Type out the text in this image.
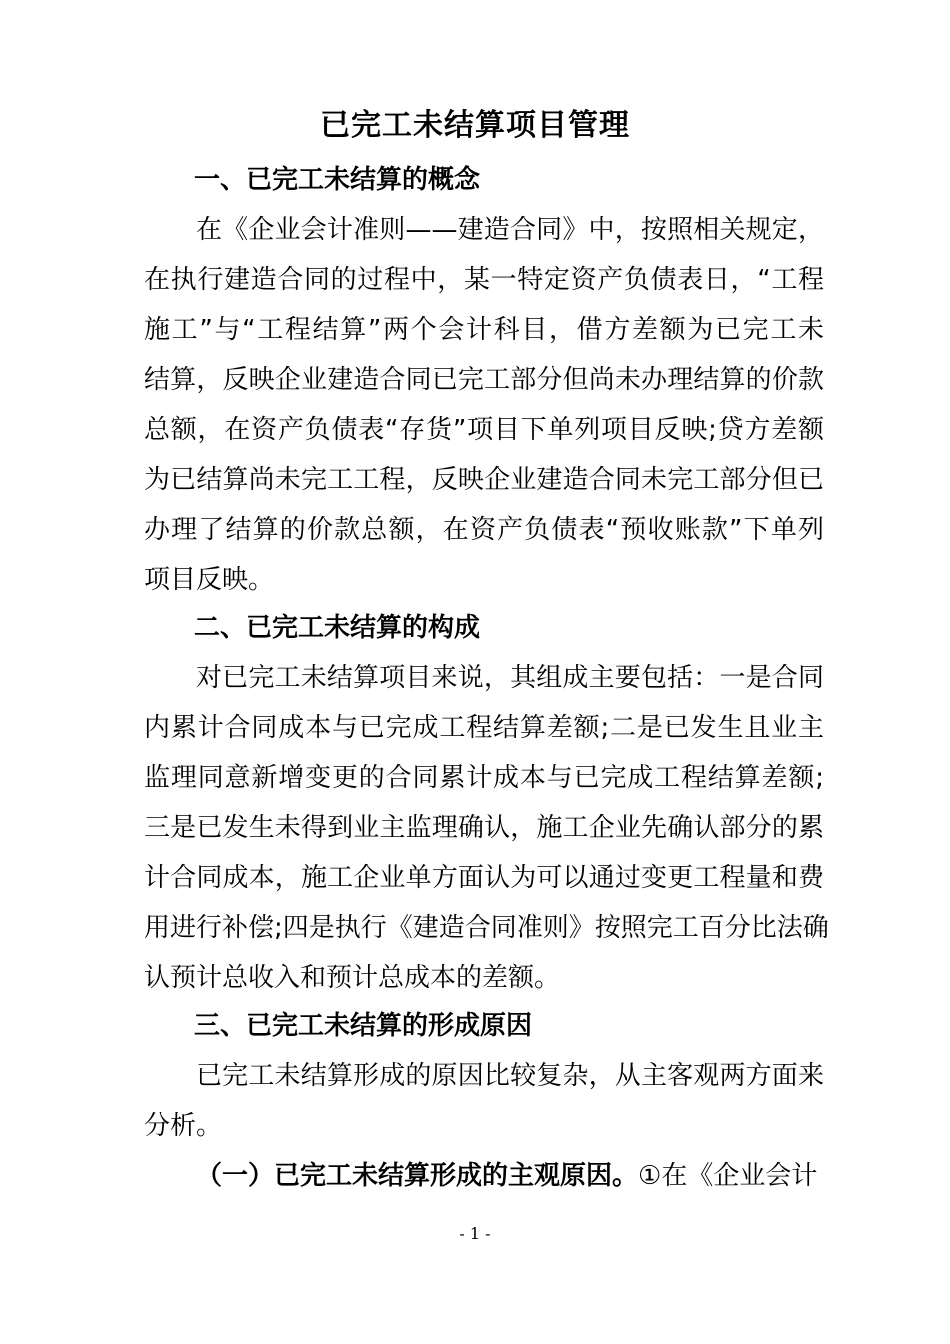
已完工未结算项目管理
一、已完工未结算的概念
在《企业会计准则——建造合同》中，按照相关规定，
在执行建造合同的过程中，某一特定资产负债表日，“工程
施工”与“工程结算”两个会计科目，借方差额为已完工未
结算，反映企业建造合同已完工部分但尚未办理结算的价款
总额，在资产负债表“存货”项目下单列项目反映;贷方差额
为已结算尚未完工工程，反映企业建造合同未完工部分但已
办理了结算的价款总额，在资产负债表“预收账款”下单列
项目反映。
二、已完工未结算的构成
对已完工未结算项目来说，其组成主要包括：一是合同
内累计合同成本与已完成工程结算差额;二是已发生且业主
监理同意新增变更的合同累计成本与已完成工程结算差额;
三是已发生未得到业主监理确认，施工企业先确认部分的累
计合同成本，施工企业单方面认为可以通过变更工程量和费
用进行补偿;四是执行《建造合同准则》按照完工百分比法确
认预计总收入和预计总成本的差额。
三、已完工未结算的形成原因
已完工未结算形成的原因比较复杂，从主客观两方面来
分析。
（一）已完工未结算形成的主观原因。①在《企业会计
- 1 -
